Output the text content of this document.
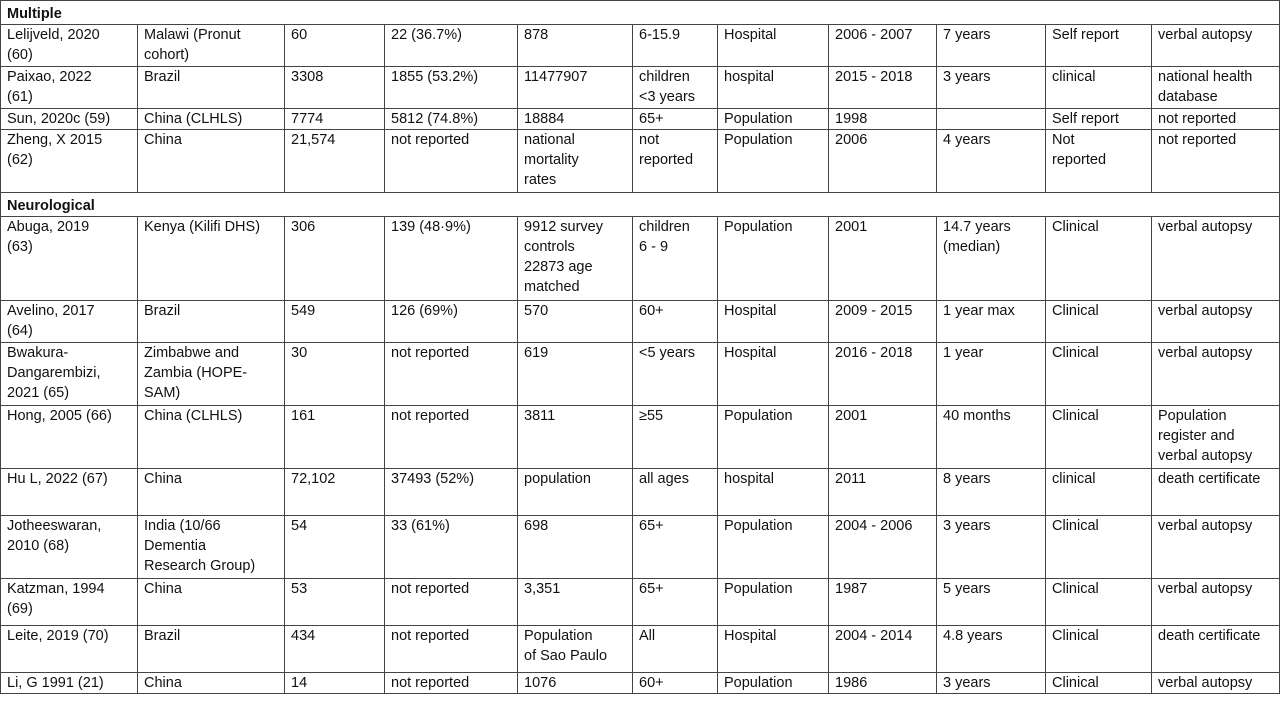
Multiple										
Lelijveld, 2020
(60)	Malawi (Pronut
cohort)	60	22 (36.7%)	878	6-15.9	Hospital	2006 - 2007	7 years	Self report	verbal autopsy
Paixao, 2022
(61)	Brazil	3308	1855 (53.2%)	11477907	children
<3 years	hospital	2015 - 2018	3 years	clinical	national health
database
Sun, 2020c (59)	China (CLHLS)	7774	5812 (74.8%)	18884	65+	Population	1998		Self report	not reported
Zheng, X 2015
(62)	China	21,574	not reported	national
mortality
rates	not
reported	Population	2006	4 years	Not
reported	not reported
Neurological										
Abuga, 2019
(63)	Kenya (Kilifi DHS)	306	139 (48·9%)	9912 survey
controls
22873 age
matched	children
6 - 9	Population	2001	14.7 years
(median)	Clinical	verbal autopsy
Avelino, 2017
(64)	Brazil	549	126 (69%)	570	60+	Hospital	2009 - 2015	1 year max	Clinical	verbal autopsy
Bwakura-
Dangarembizi,
2021 (65)	Zimbabwe and
Zambia (HOPE-
SAM)	30	not reported	619	<5 years	Hospital	2016 - 2018	1 year	Clinical	verbal autopsy
Hong, 2005 (66)	China (CLHLS)	161	not reported	3811	≥55	Population	2001	40 months	Clinical	Population
register and
verbal autopsy
Hu L, 2022 (67)	China	72,102	37493 (52%)	population	all ages	hospital	2011	8 years	clinical	death certificate
Jotheeswaran,
2010 (68)	India (10/66
Dementia
Research Group)	54	33 (61%)	698	65+	Population	2004 - 2006	3 years	Clinical	verbal autopsy
Katzman, 1994
(69)	China	53	not reported	3,351	65+	Population	1987	5 years	Clinical	verbal autopsy
Leite, 2019 (70)	Brazil	434	not reported	Population
of Sao Paulo	All	Hospital	2004 - 2014	4.8 years	Clinical	death certificate
Li, G 1991 (21)	China	14	not reported	1076	60+	Population	1986	3 years	Clinical	verbal autopsy
